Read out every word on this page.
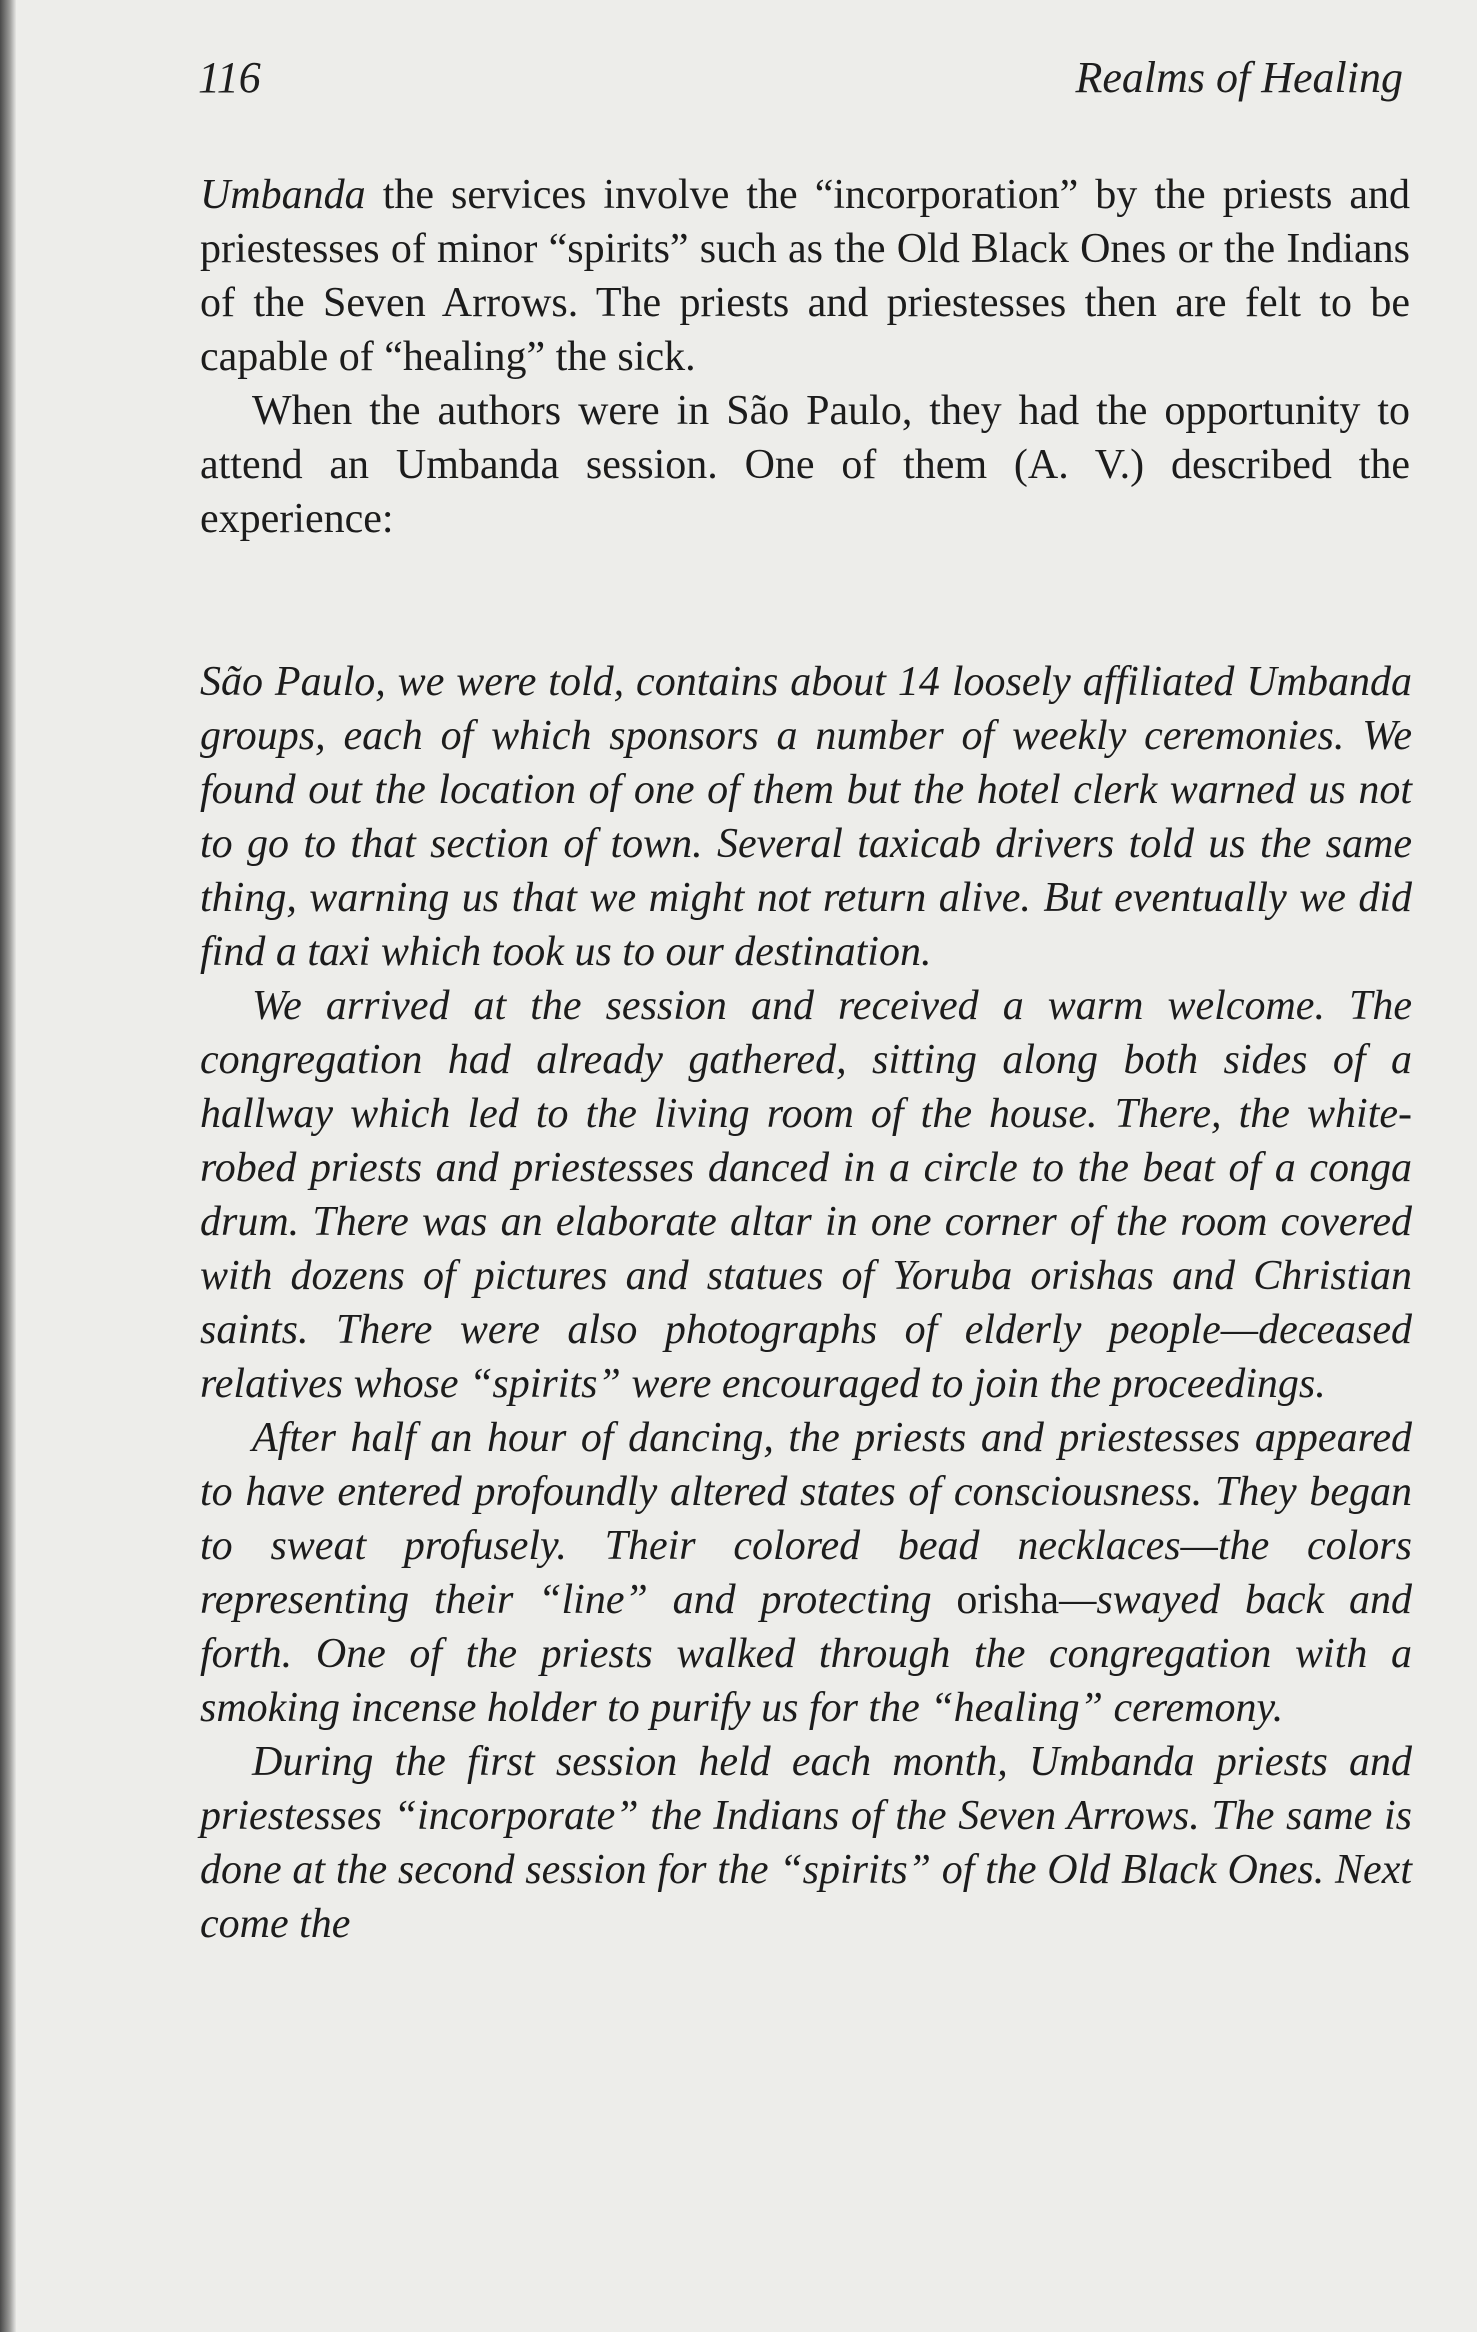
116	Realms of Healing

Umbanda the services involve the “incorporation” by the priests and priestesses of minor “spirits” such as the Old Black Ones or the Indians of the Seven Arrows. The priests and priestesses then are felt to be capable of “healing” the sick.

When the authors were in São Paulo, they had the opportunity to attend an Umbanda session. One of them (A. V.) described the experience:

São Paulo, we were told, contains about 14 loosely affiliated Umbanda groups, each of which sponsors a number of weekly ceremonies. We found out the location of one of them but the hotel clerk warned us not to go to that section of town. Several taxicab drivers told us the same thing, warning us that we might not return alive. But eventually we did find a taxi which took us to our destination.

We arrived at the session and received a warm welcome. The congregation had already gathered, sitting along both sides of a hallway which led to the living room of the house. There, the white-robed priests and priestesses danced in a circle to the beat of a conga drum. There was an elaborate altar in one corner of the room covered with dozens of pictures and statues of Yoruba orishas and Christian saints. There were also photographs of elderly people—deceased relatives whose “spirits” were encouraged to join the proceedings.

After half an hour of dancing, the priests and priestesses appeared to have entered profoundly altered states of consciousness. They began to sweat profusely. Their colored bead necklaces—the colors representing their “line” and protecting orisha—swayed back and forth. One of the priests walked through the congregation with a smoking incense holder to purify us for the “healing” ceremony.

During the first session held each month, Umbanda priests and priestesses “incorporate” the Indians of the Seven Arrows. The same is done at the second session for the “spirits” of the Old Black Ones. Next come the
